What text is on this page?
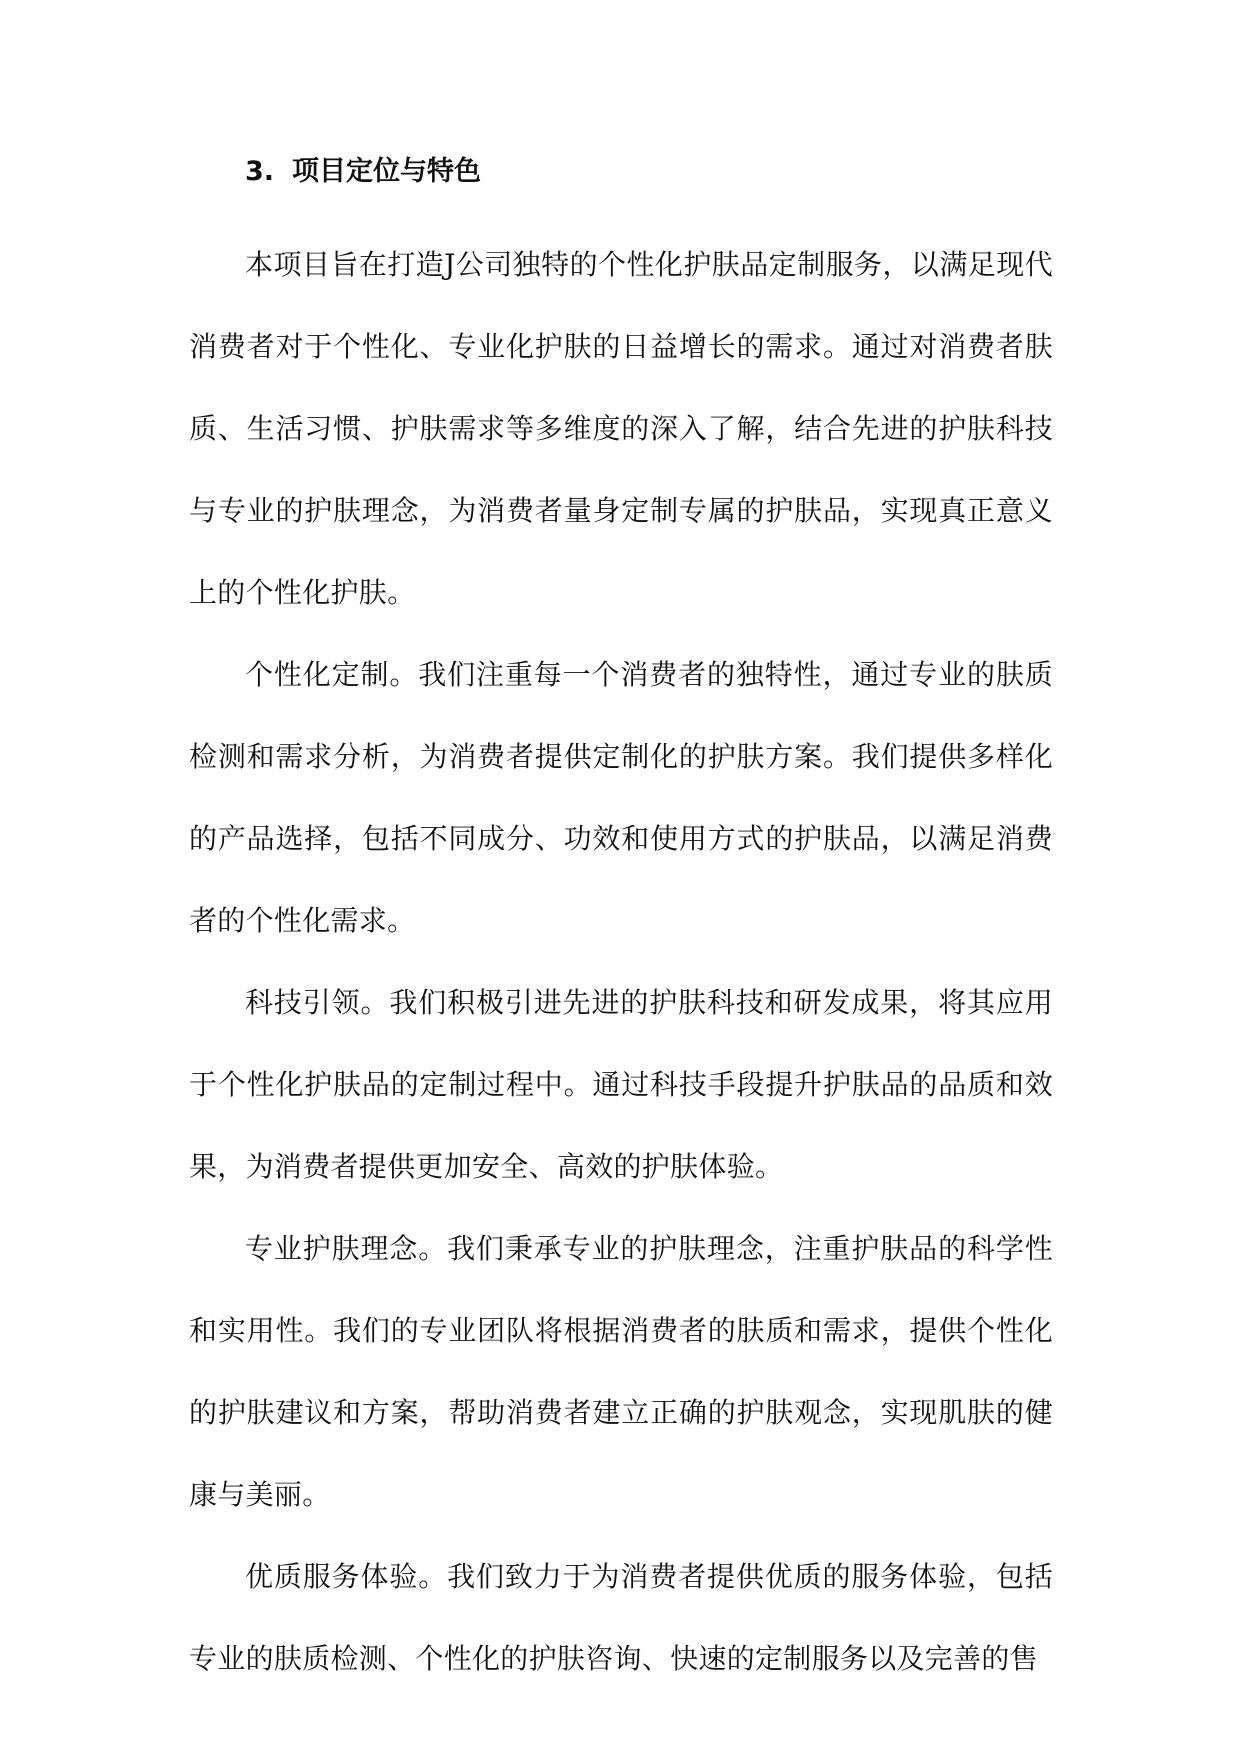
3. 项目定位与特色

本项目旨在打造J公司独特的个性化护肤品定制服务，以满足现代消费者对于个性化、专业化护肤的日益增长的需求。通过对消费者肤质、生活习惯、护肤需求等多维度的深入了解，结合先进的护肤科技与专业的护肤理念，为消费者量身定制专属的护肤品，实现真正意义上的个性化护肤。

个性化定制。我们注重每一个消费者的独特性，通过专业的肤质检测和需求分析，为消费者提供定制化的护肤方案。我们提供多样化的产品选择，包括不同成分、功效和使用方式的护肤品，以满足消费者的个性化需求。

科技引领。我们积极引进先进的护肤科技和研发成果，将其应用于个性化护肤品的定制过程中。通过科技手段提升护肤品的品质和效果，为消费者提供更加安全、高效的护肤体验。

专业护肤理念。我们秉承专业的护肤理念，注重护肤品的科学性和实用性。我们的专业团队将根据消费者的肤质和需求，提供个性化的护肤建议和方案，帮助消费者建立正确的护肤观念，实现肌肤的健康与美丽。

优质服务体验。我们致力于为消费者提供优质的服务体验，包括专业的肤质检测、个性化的护肤咨询、快速的定制服务以及完善的售
